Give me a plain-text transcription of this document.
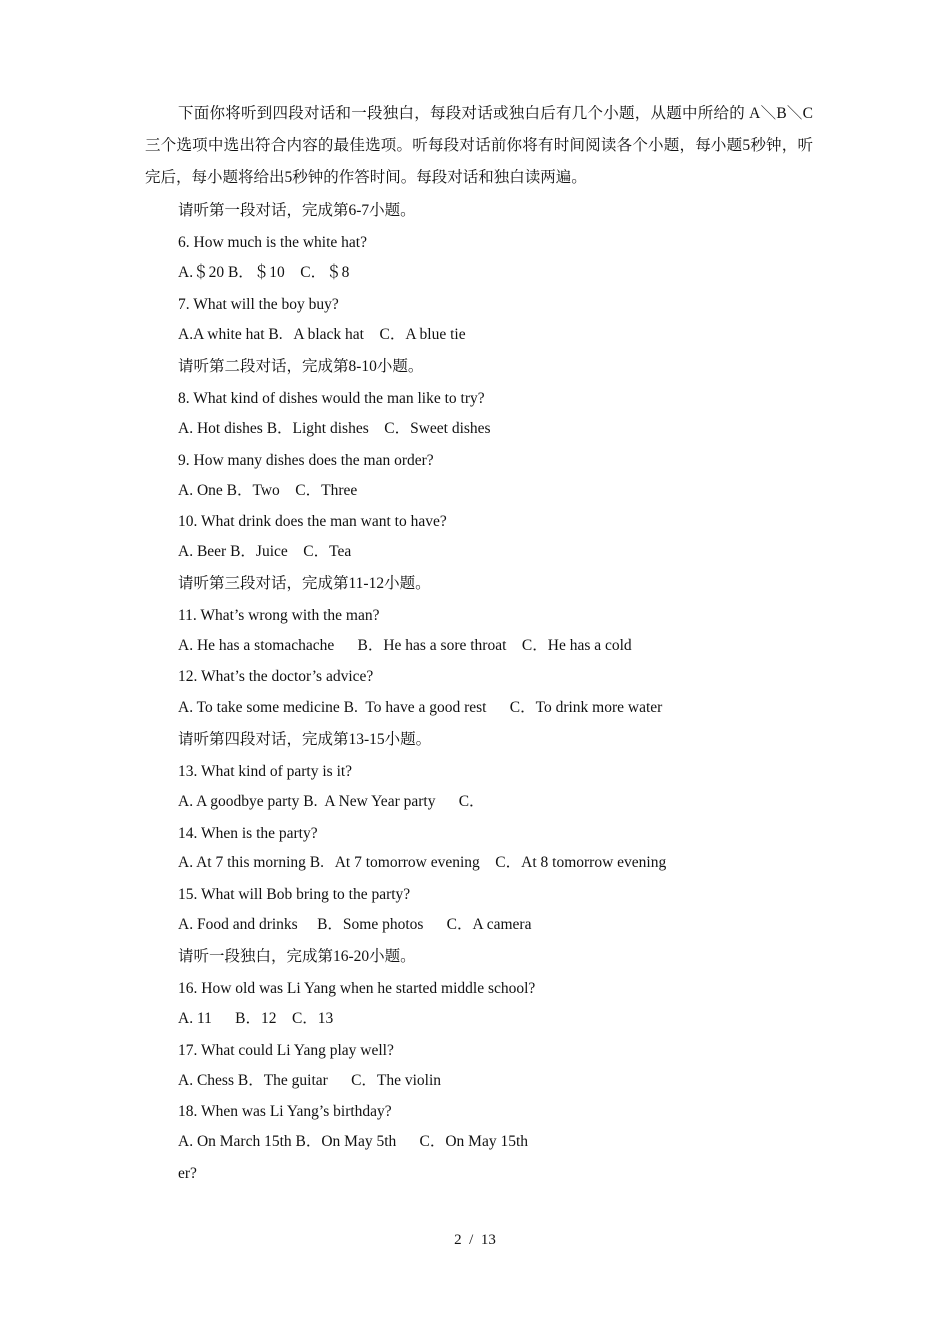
下面你将听到四段对话和一段独白，每段对话或独白后有几个小题，从题中所给的 A＼B＼C三个选项中选出符合内容的最佳选项。听每段对话前你将有时间阅读各个小题，每小题5秒钟，听完后，每小题将给出5秒钟的作答时间。每段对话和独白读两遍。

请听第一段对话，完成第6-7小题。

6. How much is the white hat?

A.＄20 B．＄10    C．＄8

7. What will the boy buy?

A.A white hat B.   A black hat    C．A blue tie

请听第二段对话，完成第8-10小题。

8. What kind of dishes would the man like to try?

A. Hot dishes B．Light dishes    C．Sweet dishes

9. How many dishes does the man order?

A. One B．Two    C．Three

10. What drink does the man want to have?

A. Beer B．Juice    C．Tea

请听第三段对话，完成第11-12小题。

11. What’s wrong with the man?

A. He has a stomachache      B．He has a sore throat    C．He has a cold

12. What’s the doctor’s advice?

A. To take some medicine B.  To have a good rest      C．To drink more water

请听第四段对话，完成第13-15小题。

13. What kind of party is it?

A. A goodbye party B.  A New Year party      C．

14. When is the party?

A. At 7 this morning B.   At 7 tomorrow evening    C．At 8 tomorrow evening

15. What will Bob bring to the party?

A. Food and drinks     B．Some photos      C．A camera

请听一段独白，完成第16-20小题。

16. How old was Li Yang when he started middle school?

A. 11      B．12    C．13

17. What could Li Yang play well?

A. Chess B．The guitar      C．The violin

18. When was Li Yang’s birthday?

A. On March 15th B．On May 5th      C．On May 15th

er?

2  /  13
